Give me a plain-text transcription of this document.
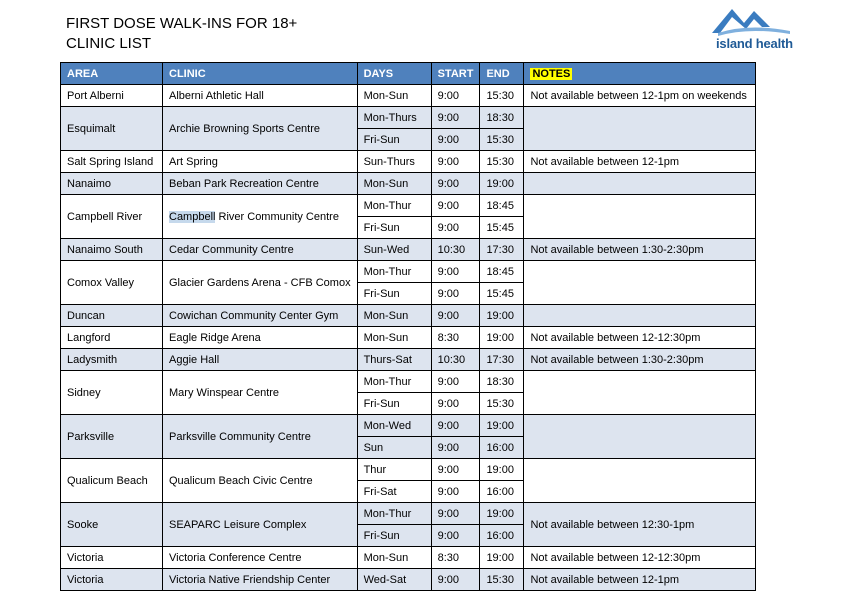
FIRST DOSE WALK-INS FOR 18+
CLINIC LIST	island health
AREA	CLINIC	DAYS	START	END	NOTES
Port Alberni	Alberni Athletic Hall	Mon-Sun	9:00	15:30	Not available between 12-1pm on weekends
Esquimalt	Archie Browning Sports Centre	Mon-Thurs	9:00	18:30	
		Fri-Sun	9:00	15:30	
Salt Spring Island	Art Spring	Sun-Thurs	9:00	15:30	Not available between 12-1pm
Nanaimo	Beban Park Recreation Centre	Mon-Sun	9:00	19:00	
Campbell River	Campbell River Community Centre	Mon-Thur	9:00	18:45	
		Fri-Sun	9:00	15:45	
Nanaimo South	Cedar Community Centre	Sun-Wed	10:30	17:30	Not available between 1:30-2:30pm
Comox Valley	Glacier Gardens Arena - CFB Comox	Mon-Thur	9:00	18:45	
		Fri-Sun	9:00	15:45	
Duncan	Cowichan Community Center Gym	Mon-Sun	9:00	19:00	
Langford	Eagle Ridge Arena	Mon-Sun	8:30	19:00	Not available between 12-12:30pm
Ladysmith	Aggie Hall	Thurs-Sat	10:30	17:30	Not available between 1:30-2:30pm
Sidney	Mary Winspear Centre	Mon-Thur	9:00	18:30	
		Fri-Sun	9:00	15:30	
Parksville	Parksville Community Centre	Mon-Wed	9:00	19:00	
		Sun	9:00	16:00	
Qualicum Beach	Qualicum Beach Civic Centre	Thur	9:00	19:00	
		Fri-Sat	9:00	16:00	
Sooke	SEAPARC Leisure Complex	Mon-Thur	9:00	19:00	Not available between 12:30-1pm
		Fri-Sun	9:00	16:00	
Victoria	Victoria Conference Centre	Mon-Sun	8:30	19:00	Not available between 12-12:30pm
Victoria	Victoria Native Friendship Center	Wed-Sat	9:00	15:30	Not available between 12-1pm
